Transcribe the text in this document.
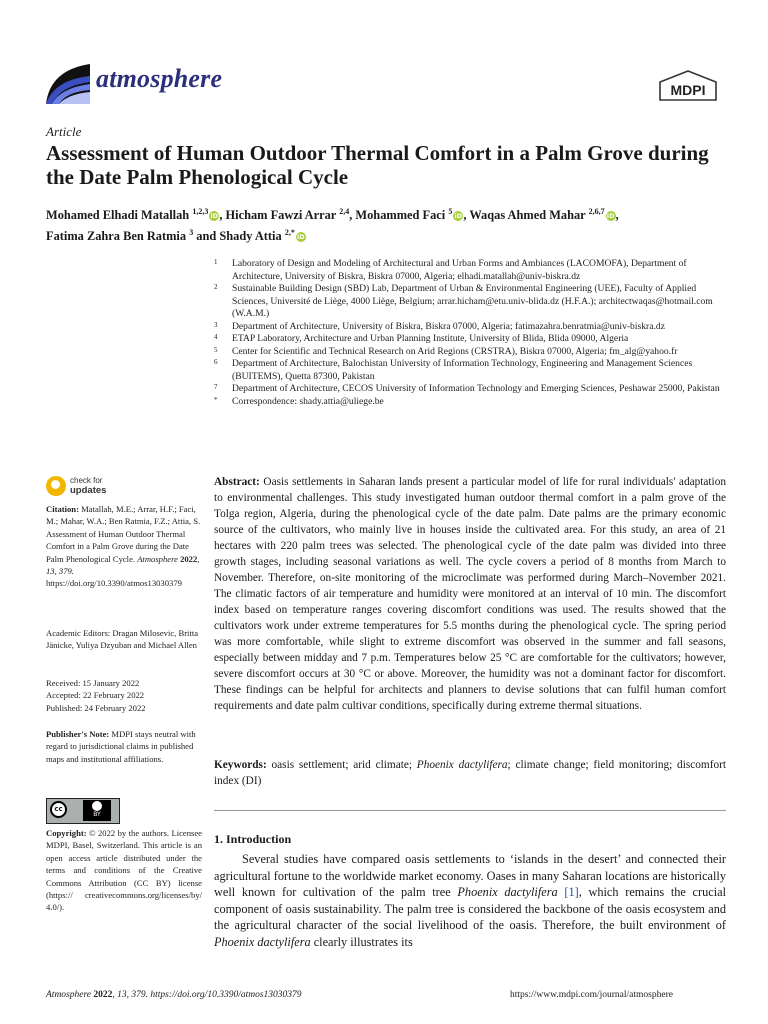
atmosphere	MDPI
Article
Assessment of Human Outdoor Thermal Comfort in a Palm Grove during the Date Palm Phenological Cycle
Mohamed Elhadi Matallah $^{1,2,3}$iD, Hicham Fawzi Arrar $^{2,4}$, Mohammed Faci $^5$iD, Waqas Ahmed Mahar $^{2,6,7}$iD,
Fatima Zahra Ben Ratmia $^3$ and Shady Attia $^{2,*}$iD

1 Laboratory of Design and Modeling of Architectural and Urban Forms and Ambiances (LACOMOFA), Department of Architecture, University of Biskra, Biskra 07000, Algeria; elhadi.matallah@univ-biskra.dz

2 Sustainable Building Design (SBD) Lab, Department of Urban & Environmental Engineering (UEE), Faculty of Applied Sciences, Université de Liège, 4000 Liège, Belgium; arrar.hicham@etu.univ-blida.dz (H.F.A.); architectwaqas@hotmail.com (W.A.M.)

3 Department of Architecture, University of Biskra, Biskra 07000, Algeria; fatimazahra.benratmia@univ-biskra.dz

4 ETAP Laboratory, Architecture and Urban Planning Institute, University of Blida, Blida 09000, Algeria

5 Center for Scientific and Technical Research on Arid Regions (CRSTRA), Biskra 07000, Algeria; fm_alg@yahoo.fr

6 Department of Architecture, Balochistan University of Information Technology, Engineering and Management Sciences (BUITEMS), Quetta 87300, Pakistan

7 Department of Architecture, CECOS University of Information Technology and Emerging Sciences, Peshawar 25000, Pakistan

* Correspondence: shady.attia@uliege.be

check for
updates
Citation: Matallah, M.E.; Arrar, H.F.; Faci, M.; Mahar, W.A.; Ben Ratmia, F.Z.; Attia, S. Assessment of Human Outdoor Thermal Comfort in a Palm Grove during the Date Palm Phenological Cycle. Atmosphere 2022, 13, 379. https://doi.org/10.3390/atmos13030379
Academic Editors: Dragan Milosevic, Britta Jänicke, Yuliya Dzyuban and Michael Allen
Received: 15 January 2022
Accepted: 22 February 2022
Published: 24 February 2022
Publisher's Note: MDPI stays neutral with regard to jurisdictional claims in published maps and institutional affiliations.
cc
BY
Copyright: © 2022 by the authors. Licensee MDPI, Basel, Switzerland. This article is an open access article distributed under the terms and conditions of the Creative Commons Attribution (CC BY) license (https:// creativecommons.org/licenses/by/ 4.0/).
Abstract: Oasis settlements in Saharan lands present a particular model of life for rural individuals' adaptation to environmental challenges. This study investigated human outdoor thermal comfort in a palm grove of the Tolga region, Algeria, during the phenological cycle of the date palm. Date palms are the primary economic source of the cultivators, who mainly live in houses inside the cultivated area. For this study, an area of 21 hectares with 220 palm trees was selected. The phenological cycle of the date palm was divided into three growth stages, including seasonal variations as well. The cycle covers a period of 8 months from March to November. Therefore, on-site monitoring of the microclimate was performed during March–November 2021. The climatic factors of air temperature and humidity were monitored at an interval of 10 min. The discomfort index based on temperature ranges covering discomfort conditions was used. The results showed that the cultivators work under extreme temperatures for 5.5 months during the phenological cycle. The spring period was more comfortable, while slight to extreme discomfort was observed in the summer and fall seasons, especially between midday and 7 p.m. Temperatures below 25 °C are comfortable for the cultivators; however, severe discomfort occurs at 30 °C or above. Moreover, the humidity was not a dominant factor for discomfort. These findings can be helpful for architects and planners to devise solutions that can fulfil human comfort requirements and date palm cultivar conditions, specifically during extreme thermal situations.
Keywords: oasis settlement; arid climate; Phoenix dactylifera; climate change; field monitoring; discomfort index (DI)
1. Introduction
Several studies have compared oasis settlements to ‘islands in the desert’ and connected their agricultural fortune to the worldwide market economy. Oases in many Saharan locations are historically well known for cultivation of the palm tree Phoenix dactylifera [1], which remains the crucial component of oasis sustainability. The palm tree is considered the backbone of the oasis ecosystem and the agricultural character of the social livelihood of the oasis. Therefore, the built environment of Phoenix dactylifera clearly illustrates its
Atmosphere 2022, 13, 379. https://doi.org/10.3390/atmos13030379	https://www.mdpi.com/journal/atmosphere
